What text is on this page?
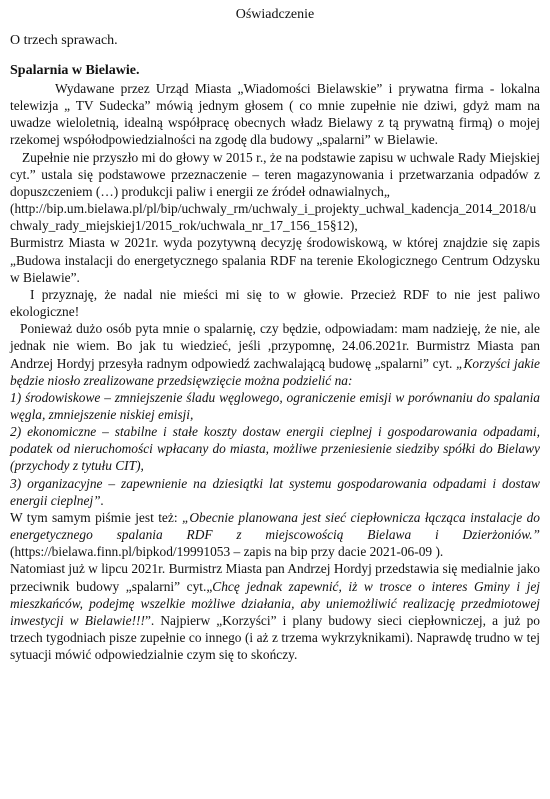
Oświadczenie
O trzech sprawach.
Spalarnia w Bielawie.

Wydawane przez Urząd Miasta „Wiadomości Bielawskie” i prywatna firma - lokalna telewizja „ TV Sudecka” mówią jednym głosem ( co mnie zupełnie nie dziwi, gdyż mam na uwadze wieloletnią, idealną współpracę obecnych władz Bielawy z tą prywatną firmą) o mojej rzekomej współodpowiedzialności na zgodę dla budowy „spalarni” w Bielawie.

Zupełnie nie przyszło mi do głowy w 2015 r., że na podstawie zapisu w uchwale Rady Miejskiej cyt.” ustala się podstawowe przeznaczenie – teren magazynowania i przetwarzania odpadów z dopuszczeniem (…) produkcji paliw i energii ze źródeł odnawialnych„

(http://bip.um.bielawa.pl/pl/bip/uchwaly_rm/uchwaly_i_projekty_uchwal_kadencja_2014_2018/uchwaly_rady_miejskiej1/2015_rok/uchwala_nr_17_156_15§12),

Burmistrz Miasta w 2021r. wyda pozytywną decyzję środowiskową, w której znajdzie się zapis „Budowa instalacji do energetycznego spalania RDF na terenie Ekologicznego Centrum Odzysku w Bielawie”.

I przyznaję, że nadal nie mieści mi się to w głowie. Przecież RDF to nie jest paliwo ekologiczne!

Ponieważ dużo osób pyta mnie o spalarnię, czy będzie, odpowiadam: mam nadzieję, że nie, ale jednak nie wiem. Bo jak tu wiedzieć, jeśli ,przypomnę, 24.06.2021r. Burmistrz Miasta pan Andrzej Hordyj przesyła radnym odpowiedź zachwalającą budowę „spalarni” cyt. „Korzyści jakie będzie niosło zrealizowane przedsięwzięcie można podzielić na:

1) środowiskowe – zmniejszenie śladu węglowego, ograniczenie emisji w porównaniu do spalania węgla, zmniejszenie niskiej emisji,

2) ekonomiczne – stabilne i stałe koszty dostaw energii cieplnej i gospodarowania odpadami, podatek od nieruchomości wpłacany do miasta, możliwe przeniesienie siedziby spółki do Bielawy (przychody z tytułu CIT),

3) organizacyjne – zapewnienie na dziesiątki lat systemu gospodarowania odpadami i dostaw energii cieplnej”.

W tym samym piśmie jest też: „Obecnie planowana jest sieć ciepłownicza łącząca instalacje do energetycznego spalania RDF z miejscowością Bielawa i Dzierżoniów.” (https://bielawa.finn.pl/bipkod/19991053 – zapis na bip przy dacie 2021-06-09 ).

Natomiast już w lipcu 2021r. Burmistrz Miasta pan Andrzej Hordyj przedstawia się medialnie jako przeciwnik budowy „spalarni” cyt.„Chcę jednak zapewnić, iż w trosce o interes Gminy i jej mieszkańców, podejmę wszelkie możliwe działania, aby uniemożliwić realizację przedmiotowej inwestycji w Bielawie!!!”. Najpierw „Korzyści” i plany budowy sieci ciepłowniczej, a już po trzech tygodniach pisze zupełnie co innego (i aż z trzema wykrzyknikami). Naprawdę trudno w tej sytuacji mówić odpowiedzialnie czym się to skończy.
